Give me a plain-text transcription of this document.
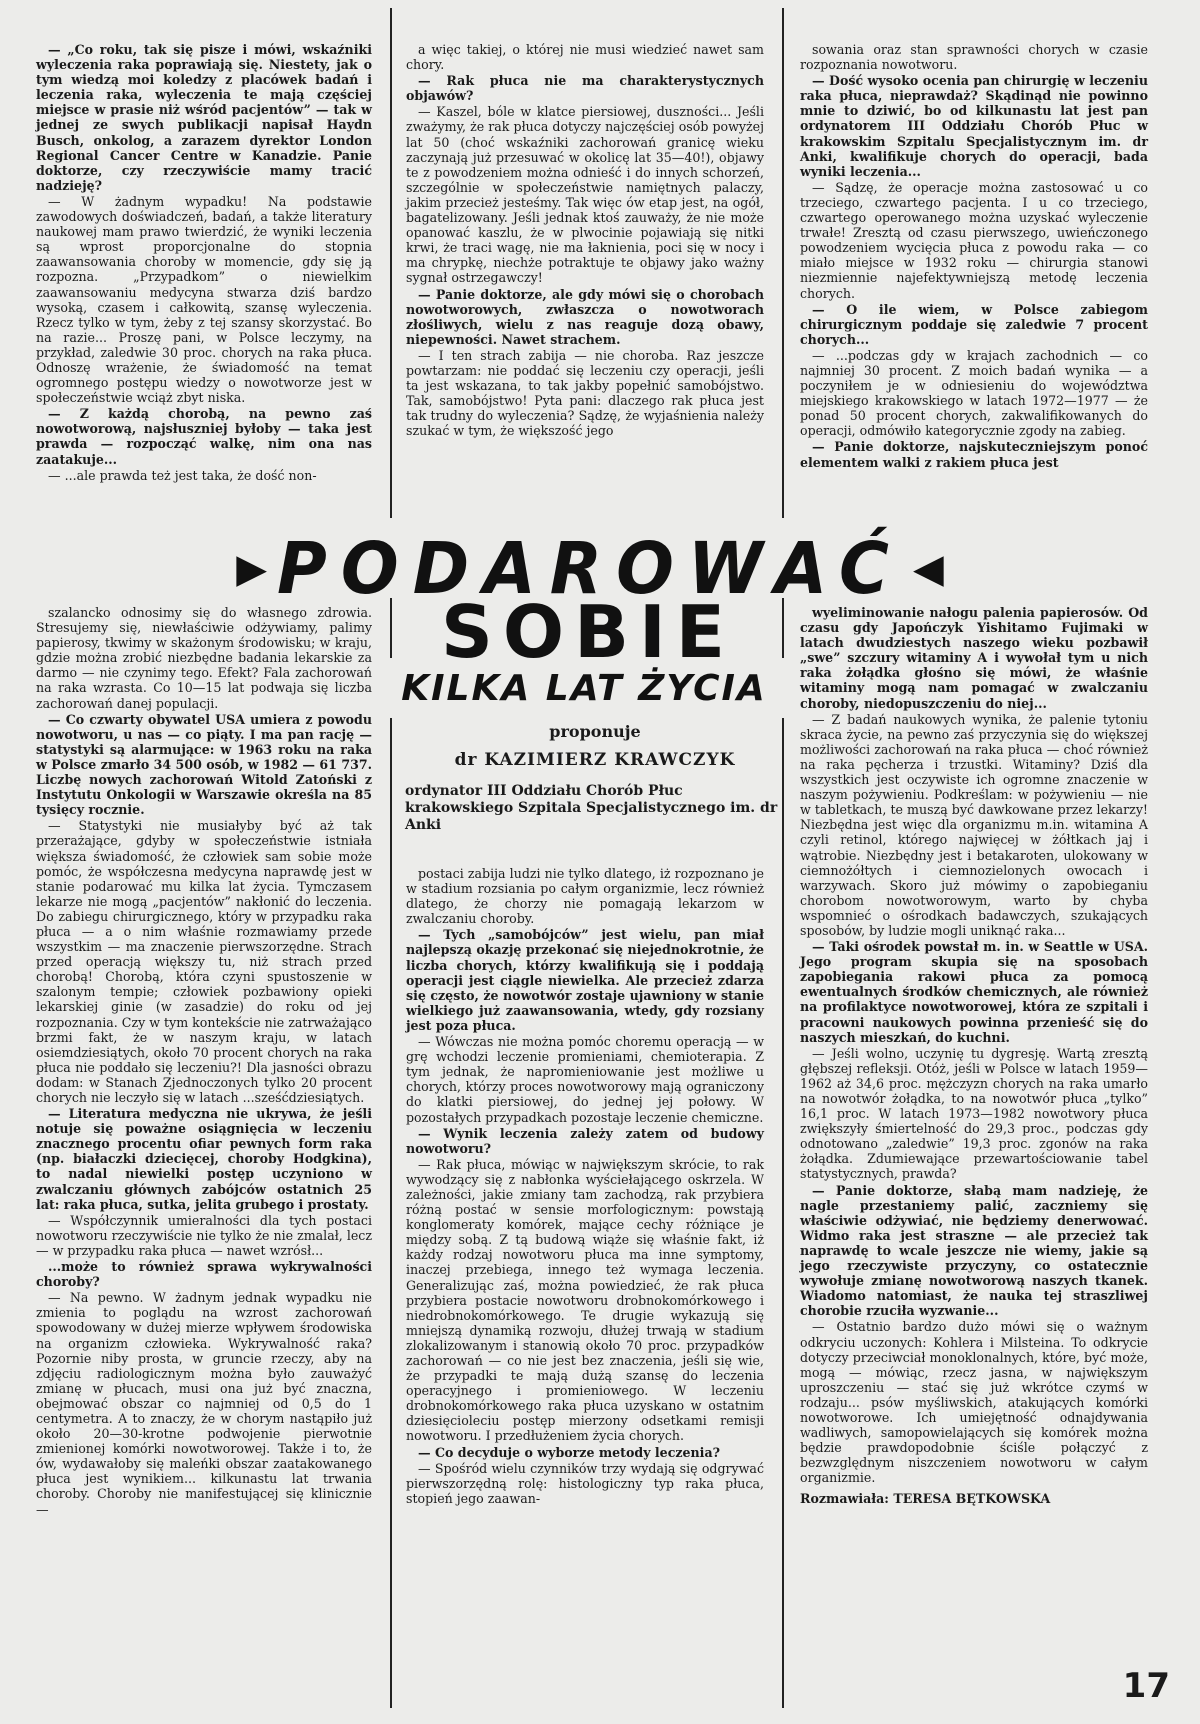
— „Co roku, tak się pisze i mówi, wskaźniki wyleczenia raka poprawiają się. Niestety, jak o tym wiedzą moi koledzy z placówek badań i leczenia raka, wyleczenia te mają częściej miejsce w prasie niż wśród pacjentów” — tak w jednej ze swych publikacji napisał Haydn Busch, onkolog, a zarazem dyrektor London Regional Cancer Centre w Kanadzie. Panie doktorze, czy rzeczywiście mamy tracić nadzieję?

— W żadnym wypadku! Na podstawie zawodowych doświadczeń, badań, a także literatury naukowej mam prawo twierdzić, że wyniki leczenia są wprost proporcjonalne do stopnia zaawansowania choroby w momencie, gdy się ją rozpozna. „Przypadkom” o niewielkim zaawansowaniu medycyna stwarza dziś bardzo wysoką, czasem i całkowitą, szansę wyleczenia. Rzecz tylko w tym, żeby z tej szansy skorzystać. Bo na razie... Proszę pani, w Polsce leczymy, na przykład, zaledwie 30 proc. chorych na raka płuca. Odnoszę wrażenie, że świadomość na temat ogromnego postępu wiedzy o nowotworze jest w społeczeństwie wciąż zbyt niska.

— Z każdą chorobą, na pewno zaś nowotworową, najsłuszniej byłoby — taka jest prawda — rozpocząć walkę, nim ona nas zaatakuje...

— ...ale prawda też jest taka, że dość non-

a więc takiej, o której nie musi wiedzieć nawet sam chory.

— Rak płuca nie ma charakterystycznych objawów?

— Kaszel, bóle w klatce piersiowej, duszności... Jeśli zważymy, że rak płuca dotyczy najczęściej osób powyżej lat 50 (choć wskaźniki zachorowań granicę wieku zaczynają już przesuwać w okolicę lat 35—40!), objawy te z powodzeniem można odnieść i do innych schorzeń, szczególnie w społeczeństwie namiętnych palaczy, jakim przecież jesteśmy. Tak więc ów etap jest, na ogół, bagatelizowany. Jeśli jednak ktoś zauważy, że nie może opanować kaszlu, że w plwocinie pojawiają się nitki krwi, że traci wagę, nie ma łaknienia, poci się w nocy i ma chrypkę, niechże potraktuje te objawy jako ważny sygnał ostrzegawczy!

— Panie doktorze, ale gdy mówi się o chorobach nowotworowych, zwłaszcza o nowotworach złośliwych, wielu z nas reaguje dozą obawy, niepewności. Nawet strachem.

— I ten strach zabija — nie choroba. Raz jeszcze powtarzam: nie poddać się leczeniu czy operacji, jeśli ta jest wskazana, to tak jakby popełnić samobójstwo. Tak, samobójstwo! Pyta pani: dlaczego rak płuca jest tak trudny do wyleczenia? Sądzę, że wyjaśnienia należy szukać w tym, że większość jego

sowania oraz stan sprawności chorych w czasie rozpoznania nowotworu.

— Dość wysoko ocenia pan chirurgię w leczeniu raka płuca, nieprawdaż? Skądinąd nie powinno mnie to dziwić, bo od kilkunastu lat jest pan ordynatorem III Oddziału Chorób Płuc w krakowskim Szpitalu Specjalistycznym im. dr Anki, kwalifikuje chorych do operacji, bada wyniki leczenia...

— Sądzę, że operacje można zastosować u co trzeciego, czwartego pacjenta. I u co trzeciego, czwartego operowanego można uzyskać wyleczenie trwałe! Zresztą od czasu pierwszego, uwieńczonego powodzeniem wycięcia płuca z powodu raka — co miało miejsce w 1932 roku — chirurgia stanowi niezmiennie najefektywniejszą metodę leczenia chorych.

— O ile wiem, w Polsce zabiegom chirurgicznym poddaje się zaledwie 7 procent chorych...

— ...podczas gdy w krajach zachodnich — co najmniej 30 procent. Z moich badań wynika — a poczyniłem je w odniesieniu do województwa miejskiego krakowskiego w latach 1972—1977 — że ponad 50 procent chorych, zakwalifikowanych do operacji, odmówiło kategorycznie zgody na zabieg.

— Panie doktorze, najskuteczniejszym ponoć elementem walki z rakiem płuca jest

▶ PODAROWAĆ ◀
SOBIE
KILKA LAT ŻYCIA
proponuje
dr KAZIMIERZ KRAWCZYK
ordynator III Oddziału Chorób Płuc krakowskiego Szpitala Specjalistycznego im. dr Anki

szalancko odnosimy się do własnego zdrowia. Stresujemy się, niewłaściwie odżywiamy, palimy papierosy, tkwimy w skażonym środowisku; w kraju, gdzie można zrobić niezbędne badania lekarskie za darmo — nie czynimy tego. Efekt? Fala zachorowań na raka wzrasta. Co 10—15 lat podwaja się liczba zachorowań danej populacji.

— Co czwarty obywatel USA umiera z powodu nowotworu, u nas — co piąty. I ma pan rację — statystyki są alarmujące: w 1963 roku na raka w Polsce zmarło 34 500 osób, w 1982 — 61 737. Liczbę nowych zachorowań Witold Zatoński z Instytutu Onkologii w Warszawie określa na 85 tysięcy rocznie.

— Statystyki nie musiałyby być aż tak przerażające, gdyby w społeczeństwie istniała większa świadomość, że człowiek sam sobie może pomóc, że współczesna medycyna naprawdę jest w stanie podarować mu kilka lat życia. Tymczasem lekarze nie mogą „pacjentów” nakłonić do leczenia. Do zabiegu chirurgicznego, który w przypadku raka płuca — a o nim właśnie rozmawiamy przede wszystkim — ma znaczenie pierwszorzędne. Strach przed operacją większy tu, niż strach przed chorobą! Chorobą, która czyni spustoszenie w szalonym tempie; człowiek pozbawiony opieki lekarskiej ginie (w zasadzie) do roku od jej rozpoznania. Czy w tym kontekście nie zatrważająco brzmi fakt, że w naszym kraju, w latach osiemdziesiątych, około 70 procent chorych na raka płuca nie poddało się leczeniu?! Dla jasności obrazu dodam: w Stanach Zjednoczonych tylko 20 procent chorych nie leczyło się w latach ...sześćdziesiątych.

— Literatura medyczna nie ukrywa, że jeśli notuje się poważne osiągnięcia w leczeniu znacznego procentu ofiar pewnych form raka (np. białaczki dziecięcej, choroby Hodgkina), to nadal niewielki postęp uczyniono w zwalczaniu głównych zabójców ostatnich 25 lat: raka płuca, sutka, jelita grubego i prostaty.

— Współczynnik umieralności dla tych postaci nowotworu rzeczywiście nie tylko że nie zmalał, lecz — w przypadku raka płuca — nawet wzrósł...

...może to również sprawa wykrywalności choroby?

— Na pewno. W żadnym jednak wypadku nie zmienia to poglądu na wzrost zachorowań spowodowany w dużej mierze wpływem środowiska na organizm człowieka. Wykrywalność raka? Pozornie niby prosta, w gruncie rzeczy, aby na zdjęciu radiologicznym można było zauważyć zmianę w płucach, musi ona już być znaczna, obejmować obszar co najmniej od 0,5 do 1 centymetra. A to znaczy, że w chorym nastąpiło już około 20—30-krotne podwojenie pierwotnie zmienionej komórki nowotworowej. Także i to, że ów, wydawałoby się maleńki obszar zaatakowanego płuca jest wynikiem... kilkunastu lat trwania choroby. Choroby nie manifestującej się klinicznie —

postaci zabija ludzi nie tylko dlatego, iż rozpoznano je w stadium rozsiania po całym organizmie, lecz również dlatego, że chorzy nie pomagają lekarzom w zwalczaniu choroby.

— Tych „samobójców” jest wielu, pan miał najlepszą okazję przekonać się niejednokrotnie, że liczba chorych, którzy kwalifikują się i poddają operacji jest ciągle niewielka. Ale przecież zdarza się często, że nowotwór zostaje ujawniony w stanie wielkiego już zaawansowania, wtedy, gdy rozsiany jest poza płuca.

— Wówczas nie można pomóc choremu operacją — w grę wchodzi leczenie promieniami, chemioterapia. Z tym jednak, że napromieniowanie jest możliwe u chorych, którzy proces nowotworowy mają ograniczony do klatki piersiowej, do jednej jej połowy. W pozostałych przypadkach pozostaje leczenie chemiczne.

— Wynik leczenia zależy zatem od budowy nowotworu?

— Rak płuca, mówiąc w największym skrócie, to rak wywodzący się z nabłonka wyściełającego oskrzela. W zależności, jakie zmiany tam zachodzą, rak przybiera różną postać w sensie morfologicznym: powstają konglomeraty komórek, mające cechy różniące je między sobą. Z tą budową wiąże się właśnie fakt, iż każdy rodzaj nowotworu płuca ma inne symptomy, inaczej przebiega, innego też wymaga leczenia. Generalizując zaś, można powiedzieć, że rak płuca przybiera postacie nowotworu drobnokomórkowego i niedrobnokomórkowego. Te drugie wykazują się mniejszą dynamiką rozwoju, dłużej trwają w stadium zlokalizowanym i stanowią około 70 proc. przypadków zachorowań — co nie jest bez znaczenia, jeśli się wie, że przypadki te mają dużą szansę do leczenia operacyjnego i promieniowego. W leczeniu drobnokomórkowego raka płuca uzyskano w ostatnim dziesięcioleciu postęp mierzony odsetkami remisji nowotworu. I przedłużeniem życia chorych.

— Co decyduje o wyborze metody leczenia?

— Spośród wielu czynników trzy wydają się odgrywać pierwszorzędną rolę: histologiczny typ raka płuca, stopień jego zaawan-

wyeliminowanie nałogu palenia papierosów. Od czasu gdy Japończyk Yishitamo Fujimaki w latach dwudziestych naszego wieku pozbawił „swe” szczury witaminy A i wywołał tym u nich raka żołądka głośno się mówi, że właśnie witaminy mogą nam pomagać w zwalczaniu choroby, niedopuszczeniu do niej...

— Z badań naukowych wynika, że palenie tytoniu skraca życie, na pewno zaś przyczynia się do większej możliwości zachorowań na raka płuca — choć również na raka pęcherza i trzustki. Witaminy? Dziś dla wszystkich jest oczywiste ich ogromne znaczenie w naszym pożywieniu. Podkreślam: w pożywieniu — nie w tabletkach, te muszą być dawkowane przez lekarzy! Niezbędna jest więc dla organizmu m.in. witamina A czyli retinol, którego najwięcej w żółtkach jaj i wątrobie. Niezbędny jest i betakaroten, ulokowany w ciemnożółtych i ciemnozielonych owocach i warzywach. Skoro już mówimy o zapobieganiu chorobom nowotworowym, warto by chyba wspomnieć o ośrodkach badawczych, szukających sposobów, by ludzie mogli uniknąć raka...

— Taki ośrodek powstał m. in. w Seattle w USA. Jego program skupia się na sposobach zapobiegania rakowi płuca za pomocą ewentualnych środków chemicznych, ale również na profilaktyce nowotworowej, która ze szpitali i pracowni naukowych powinna przenieść się do naszych mieszkań, do kuchni.

— Jeśli wolno, uczynię tu dygresję. Wartą zresztą głębszej refleksji. Otóż, jeśli w Polsce w latach 1959—1962 aż 34,6 proc. mężczyzn chorych na raka umarło na nowotwór żołądka, to na nowotwór płuca „tylko” 16,1 proc. W latach 1973—1982 nowotwory płuca zwiększyły śmiertelność do 29,3 proc., podczas gdy odnotowano „zaledwie” 19,3 proc. zgonów na raka żołądka. Zdumiewające przewartościowanie tabel statystycznych, prawda?

— Panie doktorze, słabą mam nadzieję, że nagle przestaniemy palić, zaczniemy się właściwie odżywiać, nie będziemy denerwować. Widmo raka jest straszne — ale przecież tak naprawdę to wcale jeszcze nie wiemy, jakie są jego rzeczywiste przyczyny, co ostatecznie wywołuje zmianę nowotworową naszych tkanek. Wiadomo natomiast, że nauka tej straszliwej chorobie rzuciła wyzwanie...

— Ostatnio bardzo dużo mówi się o ważnym odkryciu uczonych: Kohlera i Milsteina. To odkrycie dotyczy przeciwciał monoklonalnych, które, być może, mogą — mówiąc, rzecz jasna, w największym uproszczeniu — stać się już wkrótce czymś w rodzaju... psów myśliwskich, atakujących komórki nowotworowe. Ich umiejętność odnajdywania wadliwych, samopowielających się komórek można będzie prawdopodobnie ściśle połączyć z bezwzględnym niszczeniem nowotworu w całym organizmie.

Rozmawiała: TERESA BĘTKOWSKA
17
